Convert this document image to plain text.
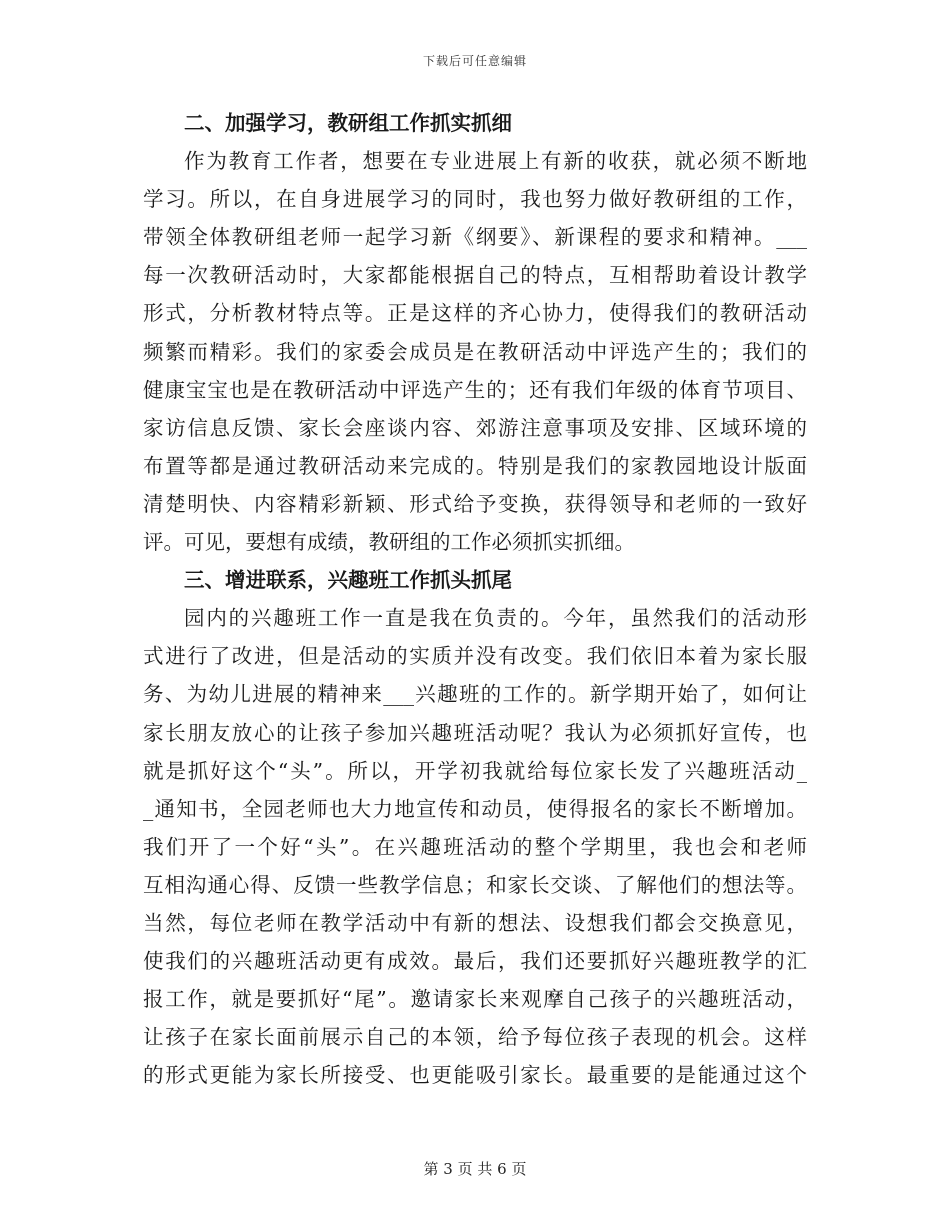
下载后可任意编辑
二、加强学习，教研组工作抓实抓细
作为教育工作者，想要在专业进展上有新的收获，就必须不断地
学习。所以，在自身进展学习的同时，我也努力做好教研组的工作，
带领全体教研组老师一起学习新《纲要》、新课程的要求和精神。___
每一次教研活动时，大家都能根据自己的特点，互相帮助着设计教学
形式，分析教材特点等。正是这样的齐心协力，使得我们的教研活动
频繁而精彩。我们的家委会成员是在教研活动中评选产生的；我们的
健康宝宝也是在教研活动中评选产生的；还有我们年级的体育节项目、
家访信息反馈、家长会座谈内容、郊游注意事项及安排、区域环境的
布置等都是通过教研活动来完成的。特别是我们的家教园地设计版面
清楚明快、内容精彩新颖、形式给予变换，获得领导和老师的一致好
评。可见，要想有成绩，教研组的工作必须抓实抓细。
三、增进联系，兴趣班工作抓头抓尾
园内的兴趣班工作一直是我在负责的。今年，虽然我们的活动形
式进行了改进，但是活动的实质并没有改变。我们依旧本着为家长服
务、为幼儿进展的精神来___兴趣班的工作的。新学期开始了，如何让
家长朋友放心的让孩子参加兴趣班活动呢？我认为必须抓好宣传，也
就是抓好这个“头”。所以，开学初我就给每位家长发了兴趣班活动_
_通知书，全园老师也大力地宣传和动员，使得报名的家长不断增加。
我们开了一个好“头”。在兴趣班活动的整个学期里，我也会和老师
互相沟通心得、反馈一些教学信息；和家长交谈、了解他们的想法等。
当然，每位老师在教学活动中有新的想法、设想我们都会交换意见，
使我们的兴趣班活动更有成效。最后，我们还要抓好兴趣班教学的汇
报工作，就是要抓好“尾”。邀请家长来观摩自己孩子的兴趣班活动，
让孩子在家长面前展示自己的本领，给予每位孩子表现的机会。这样
的形式更能为家长所接受、也更能吸引家长。最重要的是能通过这个
第 3 页 共 6 页
